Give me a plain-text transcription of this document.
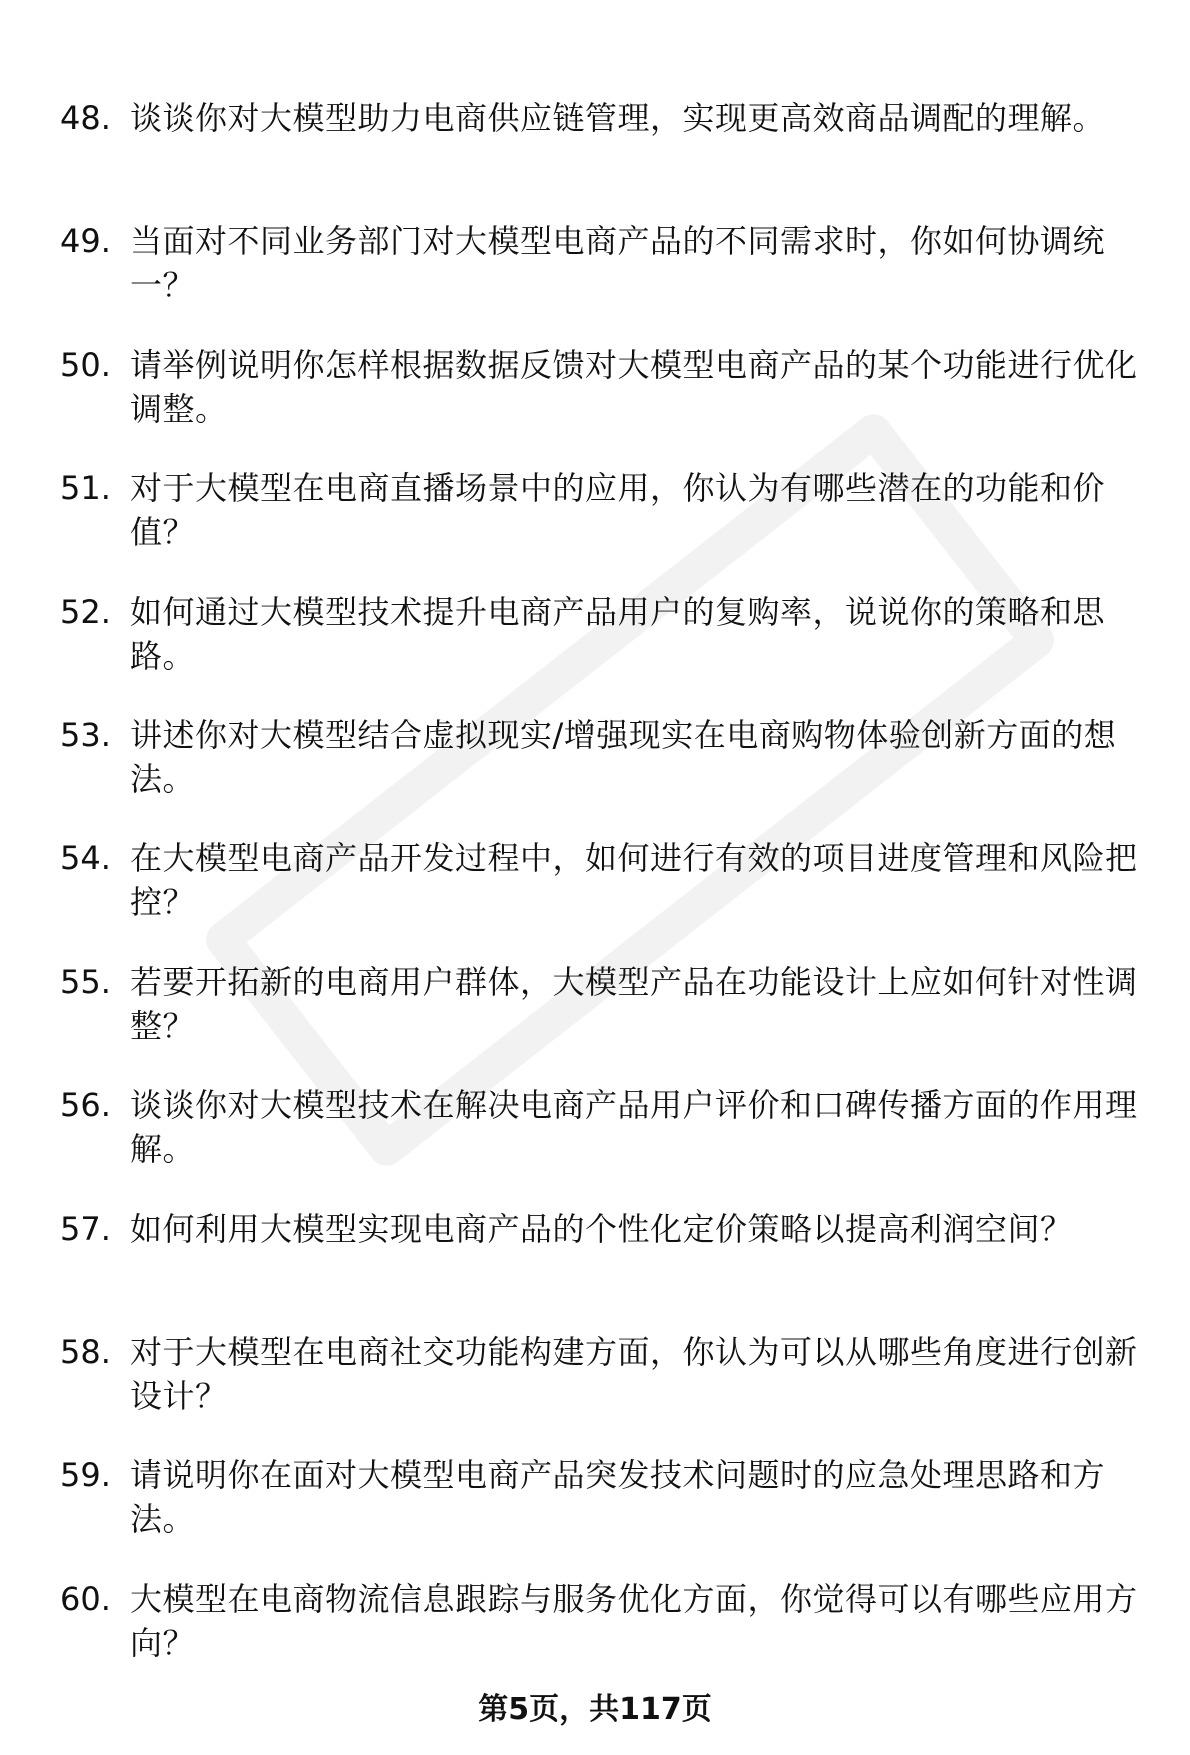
48. 谈谈你对大模型助力电商供应链管理，实现更高效商品调配的理解。
49. 当面对不同业务部门对大模型电商产品的不同需求时，你如何协调统一？
50. 请举例说明你怎样根据数据反馈对大模型电商产品的某个功能进行优化调整。
51. 对于大模型在电商直播场景中的应用，你认为有哪些潜在的功能和价值？
52. 如何通过大模型技术提升电商产品用户的复购率，说说你的策略和思路。
53. 讲述你对大模型结合虚拟现实/增强现实在电商购物体验创新方面的想法。
54. 在大模型电商产品开发过程中，如何进行有效的项目进度管理和风险把控？
55. 若要开拓新的电商用户群体，大模型产品在功能设计上应如何针对性调整？
56. 谈谈你对大模型技术在解决电商产品用户评价和口碑传播方面的作用理解。
57. 如何利用大模型实现电商产品的个性化定价策略以提高利润空间？
58. 对于大模型在电商社交功能构建方面，你认为可以从哪些角度进行创新设计？
59. 请说明你在面对大模型电商产品突发技术问题时的应急处理思路和方法。
60. 大模型在电商物流信息跟踪与服务优化方面，你觉得可以有哪些应用方向？
第5页，共117页
